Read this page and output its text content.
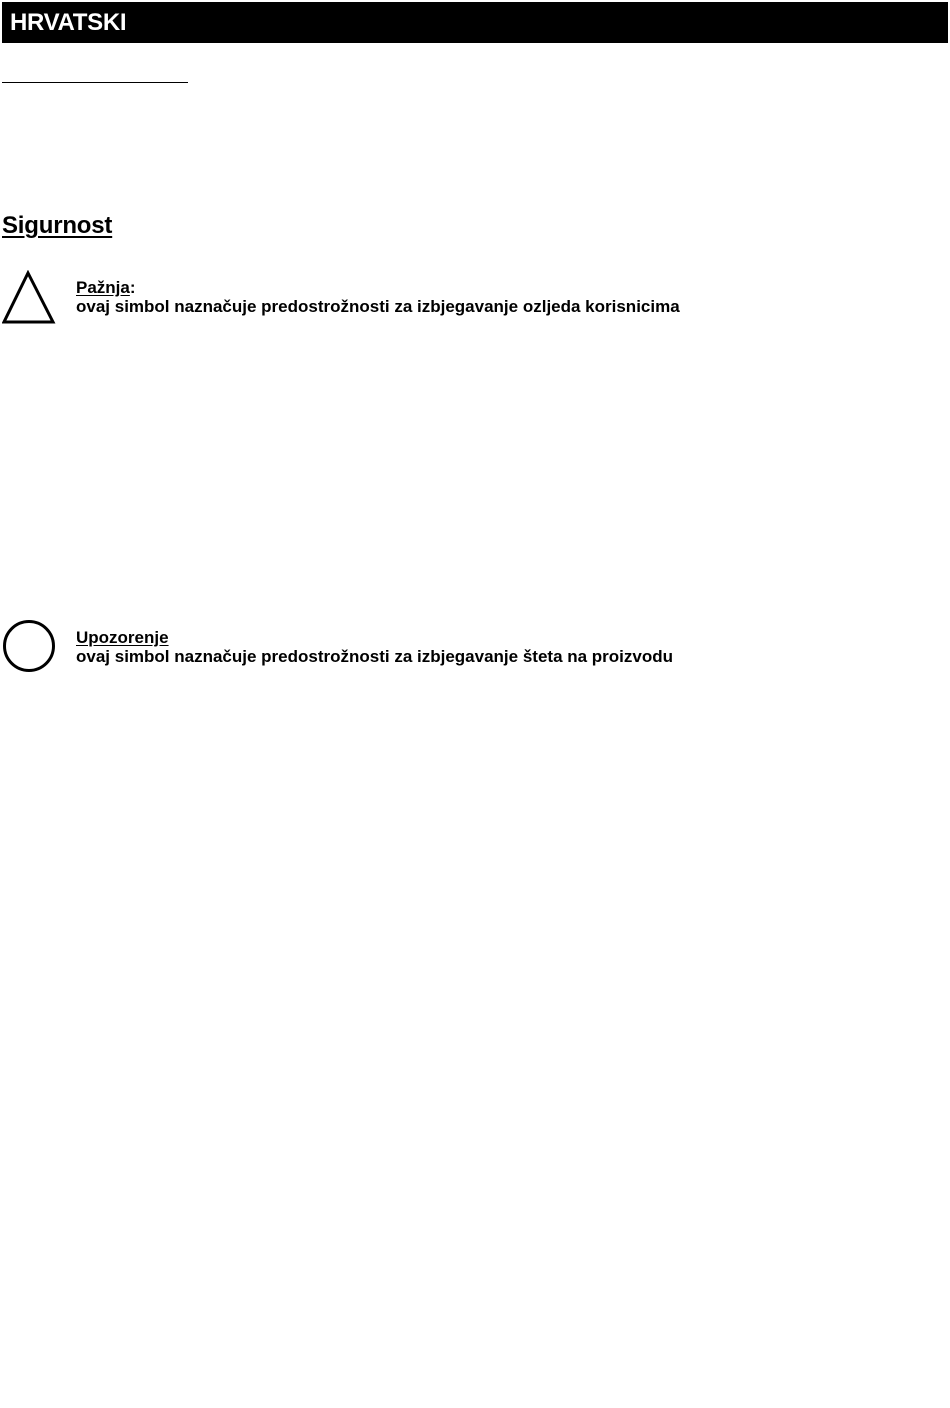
HRVATSKI
Sigurnost
Pažnja:
ovaj simbol naznačuje predostrožnosti za izbjegavanje ozljeda korisnicima
Upozorenje
ovaj simbol naznačuje predostrožnosti za izbjegavanje šteta na proizvodu
